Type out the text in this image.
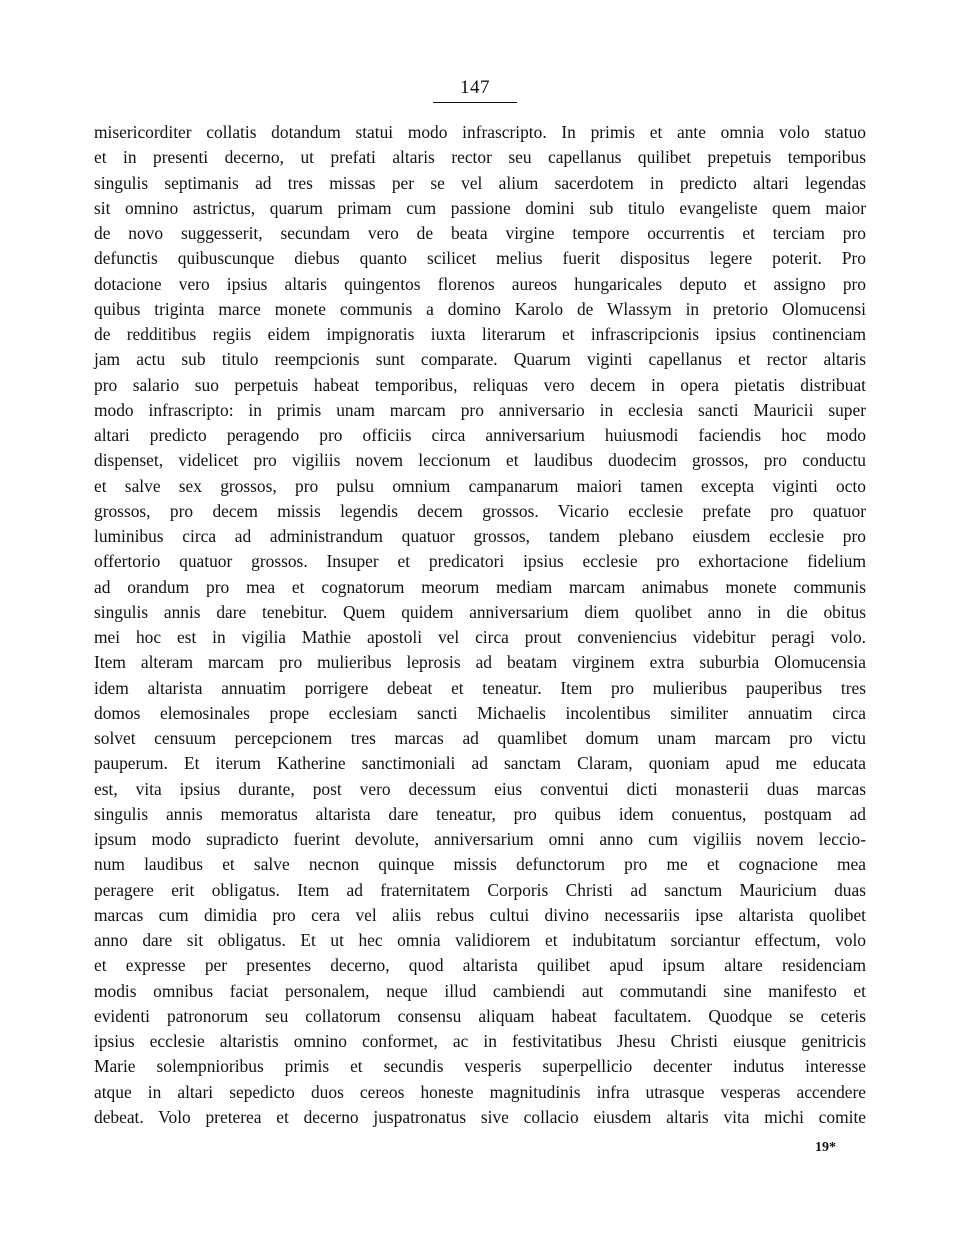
147
misericorditer collatis dotandum statui modo infrascripto. In primis et ante omnia volo statuo
et in presenti decerno, ut prefati altaris rector seu capellanus quilibet prepetuis temporibus
singulis septimanis ad tres missas per se vel alium sacerdotem in predicto altari legendas
sit omnino astrictus, quarum primam cum passione domini sub titulo evangeliste quem maior
de novo suggesserit, secundam vero de beata virgine tempore occurrentis et terciam pro
defunctis quibuscunque diebus quanto scilicet melius fuerit dispositus legere poterit. Pro
dotacione vero ipsius altaris quingentos florenos aureos hungaricales deputo et assigno pro
quibus triginta marce monete communis a domino Karolo de Wlassym in pretorio Olomucensi
de redditibus regiis eidem impignoratis iuxta literarum et infrascripcionis ipsius continenciam
jam actu sub titulo reempcionis sunt comparate. Quarum viginti capellanus et rector altaris
pro salario suo perpetuis habeat temporibus, reliquas vero decem in opera pietatis distribuat
modo infrascripto: in primis unam marcam pro anniversario in ecclesia sancti Mauricii super
altari predicto peragendo pro officiis circa anniversarium huiusmodi faciendis hoc modo
dispenset, videlicet pro vigiliis novem leccionum et laudibus duodecim grossos, pro conductu
et salve sex grossos, pro pulsu omnium campanarum maiori tamen excepta viginti octo
grossos, pro decem missis legendis decem grossos. Vicario ecclesie prefate pro quatuor
luminibus circa ad administrandum quatuor grossos, tandem plebano eiusdem ecclesie pro
offertorio quatuor grossos. Insuper et predicatori ipsius ecclesie pro exhortacione fidelium
ad orandum pro mea et cognatorum meorum mediam marcam animabus monete communis
singulis annis dare tenebitur. Quem quidem anniversarium diem quolibet anno in die obitus
mei hoc est in vigilia Mathie apostoli vel circa prout conveniencius videbitur peragi volo.
Item alteram marcam pro mulieribus leprosis ad beatam virginem extra suburbia Olomucensia
idem altarista annuatim porrigere debeat et teneatur. Item pro mulieribus pauperibus tres
domos elemosinales prope ecclesiam sancti Michaelis incolentibus similiter annuatim circa
solvet censuum percepcionem tres marcas ad quamlibet domum unam marcam pro victu
pauperum. Et iterum Katherine sanctimoniali ad sanctam Claram, quoniam apud me educata
est, vita ipsius durante, post vero decessum eius conventui dicti monasterii duas marcas
singulis annis memoratus altarista dare teneatur, pro quibus idem conuentus, postquam ad
ipsum modo supradicto fuerint devolute, anniversarium omni anno cum vigiliis novem leccio-
num laudibus et salve necnon quinque missis defunctorum pro me et cognacione mea
peragere erit obligatus. Item ad fraternitatem Corporis Christi ad sanctum Mauricium duas
marcas cum dimidia pro cera vel aliis rebus cultui divino necessariis ipse altarista quolibet
anno dare sit obligatus. Et ut hec omnia validiorem et indubitatum sorciantur effectum, volo
et expresse per presentes decerno, quod altarista quilibet apud ipsum altare residenciam
modis omnibus faciat personalem, neque illud cambiendi aut commutandi sine manifesto et
evidenti patronorum seu collatorum consensu aliquam habeat facultatem. Quodque se ceteris
ipsius ecclesie altaristis omnino conformet, ac in festivitatibus Jhesu Christi eiusque genitricis
Marie solempnioribus primis et secundis vesperis superpellicio decenter indutus interesse
atque in altari sepedicto duos cereos honeste magnitudinis infra utrasque vesperas accendere
debeat. Volo preterea et decerno juspatronatus sive collacio eiusdem altaris vita michi comite
19*
